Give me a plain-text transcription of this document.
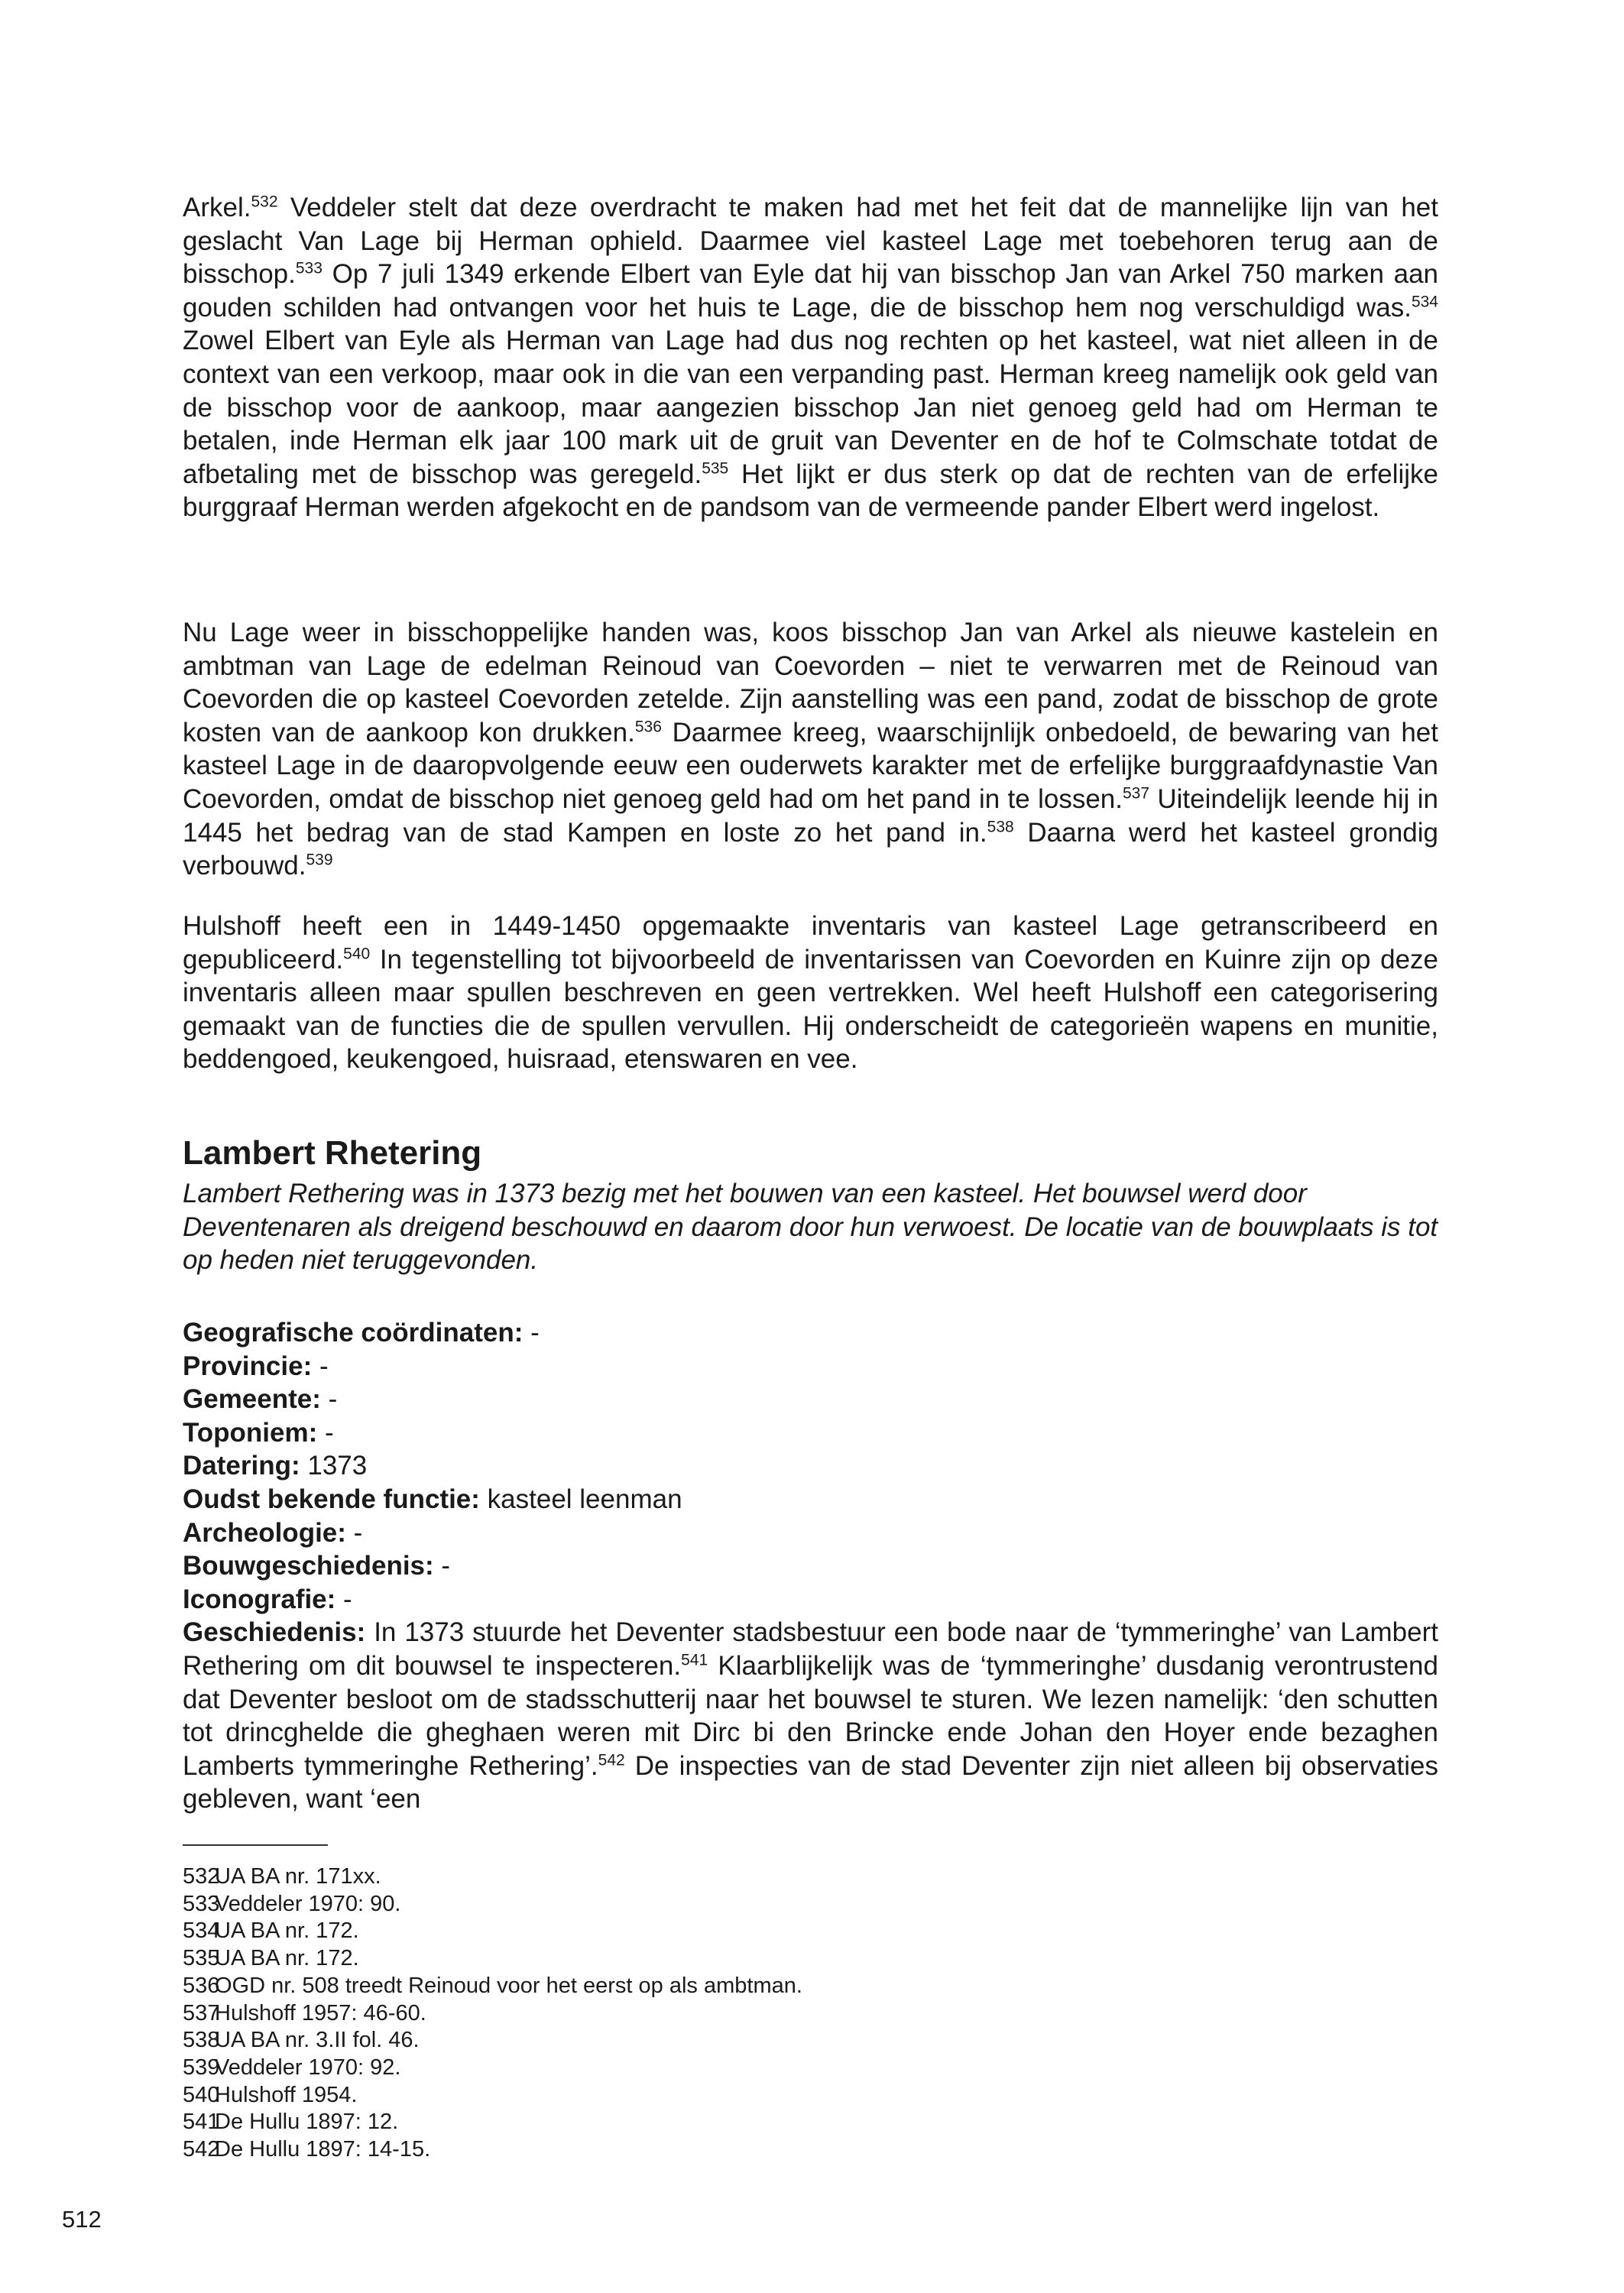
Arkel.$^{532}$ Veddeler stelt dat deze overdracht te maken had met het feit dat de mannelijke lijn van het geslacht Van Lage bij Herman ophield. Daarmee viel kasteel Lage met toebehoren terug aan de bisschop.$^{533}$ Op 7 juli 1349 erkende Elbert van Eyle dat hij van bisschop Jan van Arkel 750 marken aan gouden schilden had ontvangen voor het huis te Lage, die de bisschop hem nog verschuldigd was.$^{534}$ Zowel Elbert van Eyle als Herman van Lage had dus nog rechten op het kasteel, wat niet alleen in de context van een verkoop, maar ook in die van een verpanding past. Herman kreeg namelijk ook geld van de bisschop voor de aankoop, maar aangezien bisschop Jan niet genoeg geld had om Herman te betalen, inde Herman elk jaar 100 mark uit de gruit van Deventer en de hof te Colmschate totdat de afbetaling met de bisschop was geregeld.$^{535}$ Het lijkt er dus sterk op dat de rechten van de erfelijke burggraaf Herman werden afgekocht en de pandsom van de vermeende pander Elbert werd ingelost.

Nu Lage weer in bisschoppelijke handen was, koos bisschop Jan van Arkel als nieuwe kastelein en ambtman van Lage de edelman Reinoud van Coevorden – niet te verwarren met de Reinoud van Coevorden die op kasteel Coevorden zetelde. Zijn aanstelling was een pand, zodat de bisschop de grote kosten van de aankoop kon drukken.$^{536}$ Daarmee kreeg, waarschijnlijk onbedoeld, de bewaring van het kasteel Lage in de daaropvolgende eeuw een ouderwets karakter met de erfelijke burggraafdynastie Van Coevorden, omdat de bisschop niet genoeg geld had om het pand in te lossen.$^{537}$ Uiteindelijk leende hij in 1445 het bedrag van de stad Kampen en loste zo het pand in.$^{538}$ Daarna werd het kasteel grondig verbouwd.$^{539}$

Hulshoff heeft een in 1449-1450 opgemaakte inventaris van kasteel Lage getranscribeerd en gepubliceerd.$^{540}$ In tegenstelling tot bijvoorbeeld de inventarissen van Coevorden en Kuinre zijn op deze inventaris alleen maar spullen beschreven en geen vertrekken. Wel heeft Hulshoff een categorisering gemaakt van de functies die de spullen vervullen. Hij onderscheidt de categorieën wapens en munitie, beddengoed, keukengoed, huisraad, etenswaren en vee.

Lambert Rhetering

Lambert Rethering was in 1373 bezig met het bouwen van een kasteel. Het bouwsel werd door Deventenaren als dreigend beschouwd en daarom door hun verwoest. De locatie van de bouwplaats is tot op heden niet teruggevonden.

Geografische coördinaten: -
Provincie: -
Gemeente: -
Toponiem: -
Datering: 1373
Oudst bekende functie: kasteel leenman
Archeologie: -
Bouwgeschiedenis: -
Iconografie: -

Geschiedenis: In 1373 stuurde het Deventer stadsbestuur een bode naar de ‘tymmeringhe’ van Lambert Rethering om dit bouwsel te inspecteren.$^{541}$ Klaarblijkelijk was de ‘tymmeringhe’ dusdanig verontrustend dat Deventer besloot om de stadsschutterij naar het bouwsel te sturen. We lezen namelijk: ‘den schutten tot drincghelde die gheghaen weren mit Dirc bi den Brincke ende Johan den Hoyer ende bezaghen Lamberts tymmeringhe Rethering’.$^{542}$ De inspecties van de stad Deventer zijn niet alleen bij observaties gebleven, want ‘een

532UA BA nr. 171xx.
533Veddeler 1970: 90.
534UA BA nr. 172.
535UA BA nr. 172.
536OGD nr. 508 treedt Reinoud voor het eerst op als ambtman.
537Hulshoff 1957: 46-60.
538UA BA nr. 3.II fol. 46.
539Veddeler 1970: 92.
540Hulshoff 1954.
541De Hullu 1897: 12.
542De Hullu 1897: 14-15.
512
